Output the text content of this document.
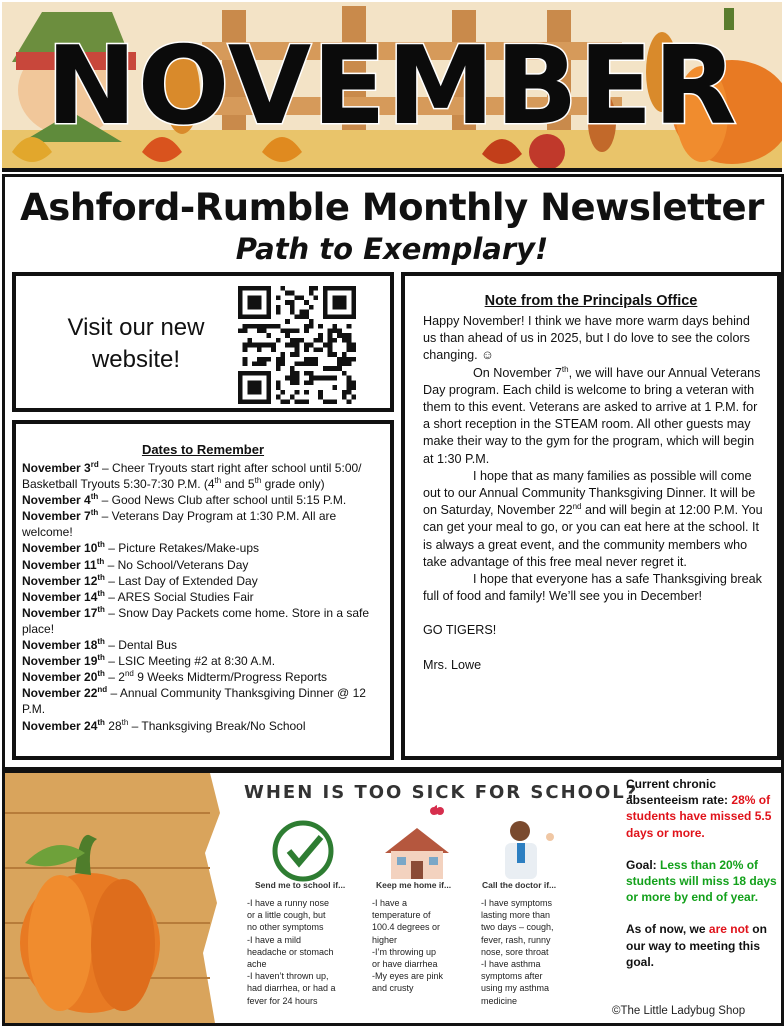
NOVEMBER
Ashford-Rumble Monthly Newsletter
Path to Exemplary!
Visit our new
website!
Dates to Remember
November 3rd – Cheer Tryouts start right after school until 5:00/ Basketball Tryouts 5:30-7:30 P.M. (4th and 5th grade only)
November 4th – Good News Club after school until 5:15 P.M.
November 7th – Veterans Day Program at 1:30 P.M. All are welcome!
November 10th – Picture Retakes/Make-ups
November 11th – No School/Veterans Day
November 12th – Last Day of Extended Day
November 14th – ARES Social Studies Fair
November 17th – Snow Day Packets come home. Store in a safe place!
November 18th – Dental Bus
November 19th – LSIC Meeting #2 at 8:30 A.M.
November 20th – 2nd 9 Weeks Midterm/Progress Reports
November 22nd – Annual Community Thanksgiving Dinner @ 12 P.M.
November 24th 28th – Thanksgiving Break/No School
Note from the Principals Office

Happy November! I think we have more warm days behind us than ahead of us in 2025, but I do love to see the colors changing. ☺

On November 7th, we will have our Annual Veterans Day program. Each child is welcome to bring a veteran with them to this event. Veterans are asked to arrive at 1 P.M. for a short reception in the STEAM room. All other guests may make their way to the gym for the program, which will begin at 1:30 P.M.

I hope that as many families as possible will come out to our Annual Community Thanksgiving Dinner. It will be on Saturday, November 22nd and will begin at 12:00 P.M. You can get your meal to go, or you can eat here at the school. It is always a great event, and the community members who take advantage of this free meal never regret it.

I hope that everyone has a safe Thanksgiving break full of food and family! We’ll see you in December!

GO TIGERS!

Mrs. Lowe

WHEN IS TOO SICK FOR SCHOOL?
Send me to school if...	Keep me home if...	Call the doctor if...
-I have a runny nose
or a little cough, but
no other symptoms
-I have a mild
headache or stomach
ache
-I haven’t thrown up,
had diarrhea, or had a
fever for 24 hours
-I have a
temperature of
100.4 degrees or
higher
-I’m throwing up
or have diarrhea
-My eyes are pink
and crusty
-I have symptoms
lasting more than
two days – cough,
fever, rash, runny
nose, sore throat
-I have asthma
symptoms after
using my asthma
medicine
Current chronic absenteeism rate: 28% of students have missed 5.5 days or more.
Goal: Less than 20% of students will miss 18 days or more by end of year.
As of now, we are not on our way to meeting this goal.
©The Little Ladybug Shop
